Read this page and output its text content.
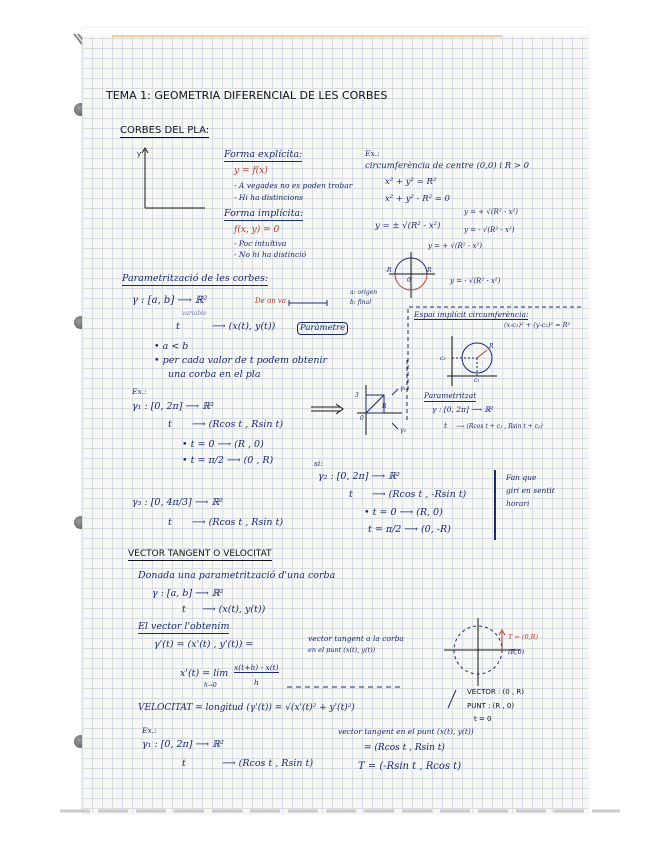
TEMA 1: GEOMETRIA DIFERENCIAL DE LES CORBES
CORBES DEL PLA:
y	Forma explícita:
y = f(x)
- A vegades no es poden trobar
- Hi ha distincions
Forma implícita:
f(x, y) = 0
- Poc intuïtiva
- No hi ha distinció
Ex.:
circumferència de centre (0,0) i R > 0
x² + y² = R²
x² + y² - R² = 0
y = ± √(R² - x²)
y = + √(R² - x²)
y = - √(R² - x²)
y = + √(R² - x²)
y = - √(R² - x²)
-R
0
R
Parametrització de les corbes:
γ : [a, b] ⟶ ℝ²	De on va
a: origen
b: final
variable
t	⟶ (x(t), y(t))	Paràmetre
• a < b
• per cada valor de t podem obtenir
una corba en el pla
Espai implícit circumferència:
(x-c₁)² + (y-c₂)² = R²
c₂
c₁
R
Ex.:
γ₁ : [0, 2π] ⟶ ℝ²
t ⟶ (Rcos t , Rsin t)
• t = 0 ⟶ (R , 0)
• t = π/2 ⟶ (0 , R)
3
0
R
γ₁
γ₂
Parametritzat
γ : [0, 2π] ⟶ ℝ²
t ⟶ (Rcos t + c₁ , Rsin t + c₂)
si:
γ₂ : [0, 2π] ⟶ ℝ²
t ⟶ (Rcos t , -Rsin t)
• t = 0 ⟶ (R, 0)
t = π/2 ⟶ (0, -R)
Fan que
giri en sentit
horari
γ₃ : [0, 4π/3] ⟶ ℝ²
t ⟶ (Rcos t , Rsin t)
VECTOR TANGENT O VELOCITAT
Donada una parametrització d'una corba
γ : [a, b] ⟶ ℝ²
t ⟶ (x(t), y(t))
El vector l'obtenim
γ'(t) = (x'(t) , y'(t)) =
vector tangent a la corba
en el punt (x(t), y(t))
x'(t) = lim
h→0
x(t+h) - x(t)
h
VELOCITAT = longitud (γ'(t)) = √(x'(t)² + y'(t)²)
T = (0,R)
(R,0)
VECTOR : (0 , R)
PUNT : (R , 0)
t = 0
Ex.:
γ₁ : [0, 2π] ⟶ ℝ²
t	⟶ (Rcos t , Rsin t)
vector tangent en el punt (x(t), y(t))
= (Rcos t , Rsin t)
T = (-Rsin t , Rcos t)
